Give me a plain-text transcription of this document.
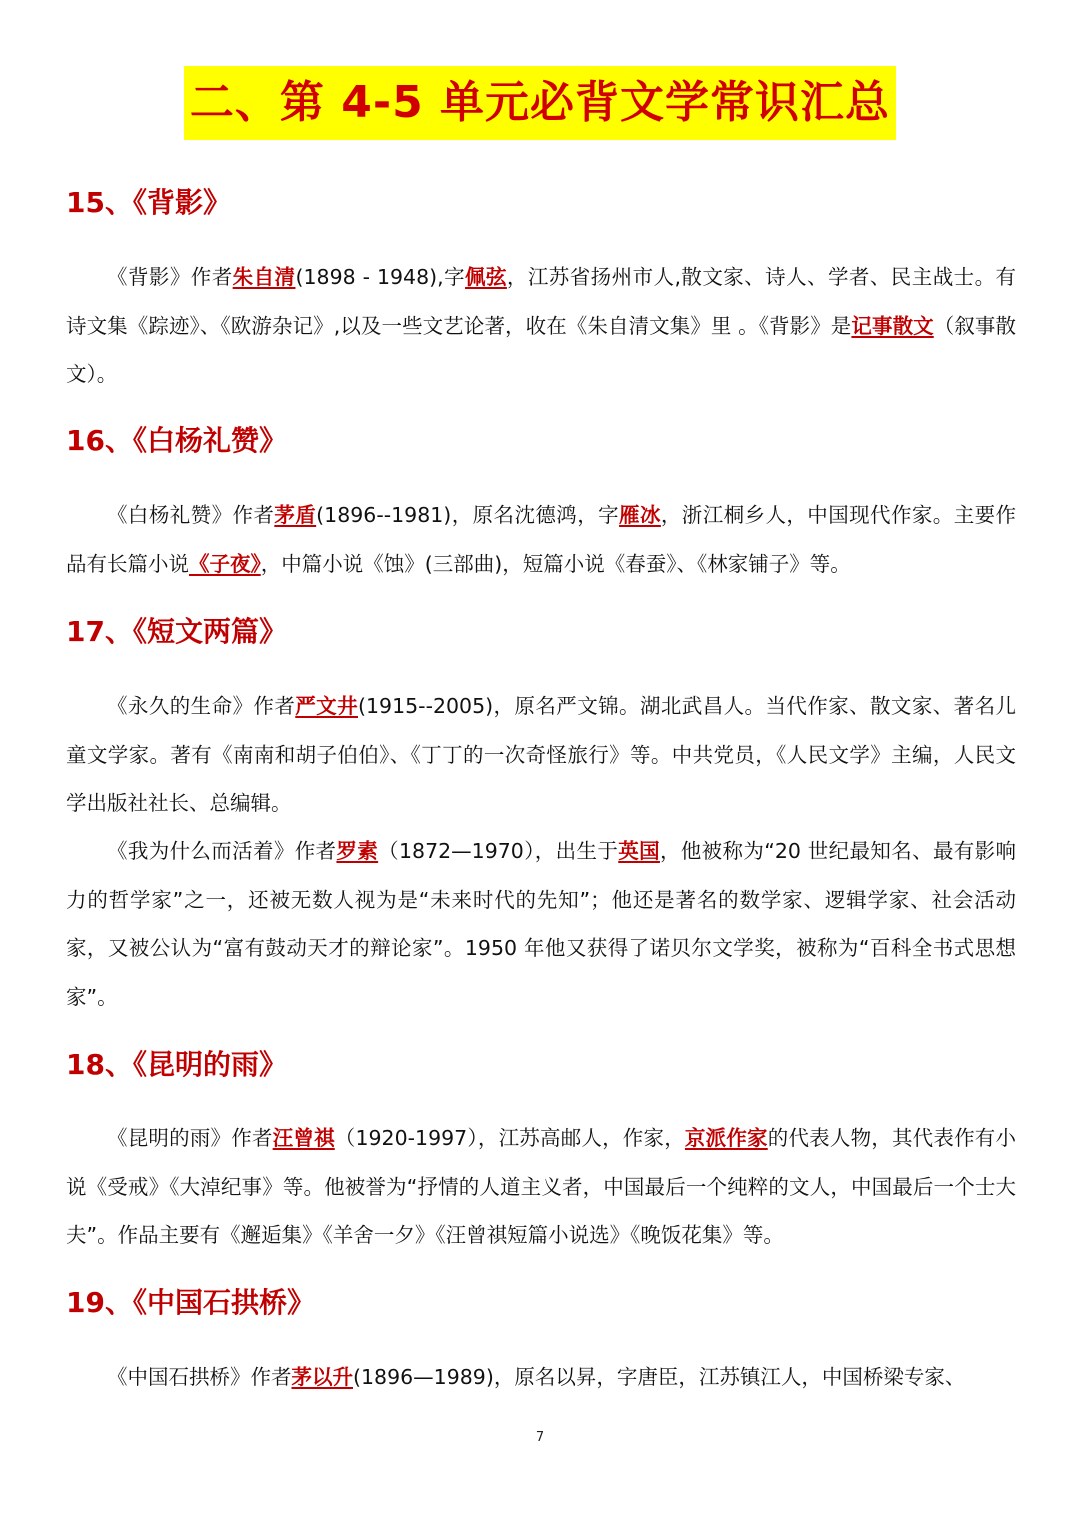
二、第 4-5 单元必背文学常识汇总
15、《背影》

《背影》作者朱自清(1898 - 1948),字佩弦，江苏省扬州市人,散文家、诗人、学者、民主战士。有诗文集《踪迹》、《欧游杂记》,以及一些文艺论著，收在《朱自清文集》里 。《背影》是记事散文（叙事散文）。

16、《白杨礼赞》

《白杨礼赞》作者茅盾(1896--1981)，原名沈德鸿，字雁冰，浙江桐乡人，中国现代作家。主要作品有长篇小说《子夜》，中篇小说《蚀》(三部曲)，短篇小说《春蚕》、《林家铺子》等。

17、《短文两篇》

《永久的生命》作者严文井(1915--2005)，原名严文锦。湖北武昌人。当代作家、散文家、著名儿童文学家。著有《南南和胡子伯伯》、《丁丁的一次奇怪旅行》等。中共党员，《人民文学》主编，人民文学出版社社长、总编辑。

《我为什么而活着》作者罗素（1872—1970），出生于英国，他被称为“20 世纪最知名、最有影响力的哲学家”之一，还被无数人视为是“未来时代的先知”；他还是著名的数学家、逻辑学家、社会活动家，又被公认为“富有鼓动天才的辩论家”。1950 年他又获得了诺贝尔文学奖，被称为“百科全书式思想家”。

18、《昆明的雨》

《昆明的雨》作者汪曾祺（1920-1997），江苏高邮人，作家，京派作家的代表人物，其代表作有小说《受戒》《大淖纪事》等。他被誉为“抒情的人道主义者，中国最后一个纯粹的文人，中国最后一个士大夫”。作品主要有《邂逅集》《羊舍一夕》《汪曾祺短篇小说选》《晚饭花集》等。

19、《中国石拱桥》

《中国石拱桥》作者茅以升(1896—1989)，原名以昇，字唐臣，江苏镇江人，中国桥梁专家、

7
